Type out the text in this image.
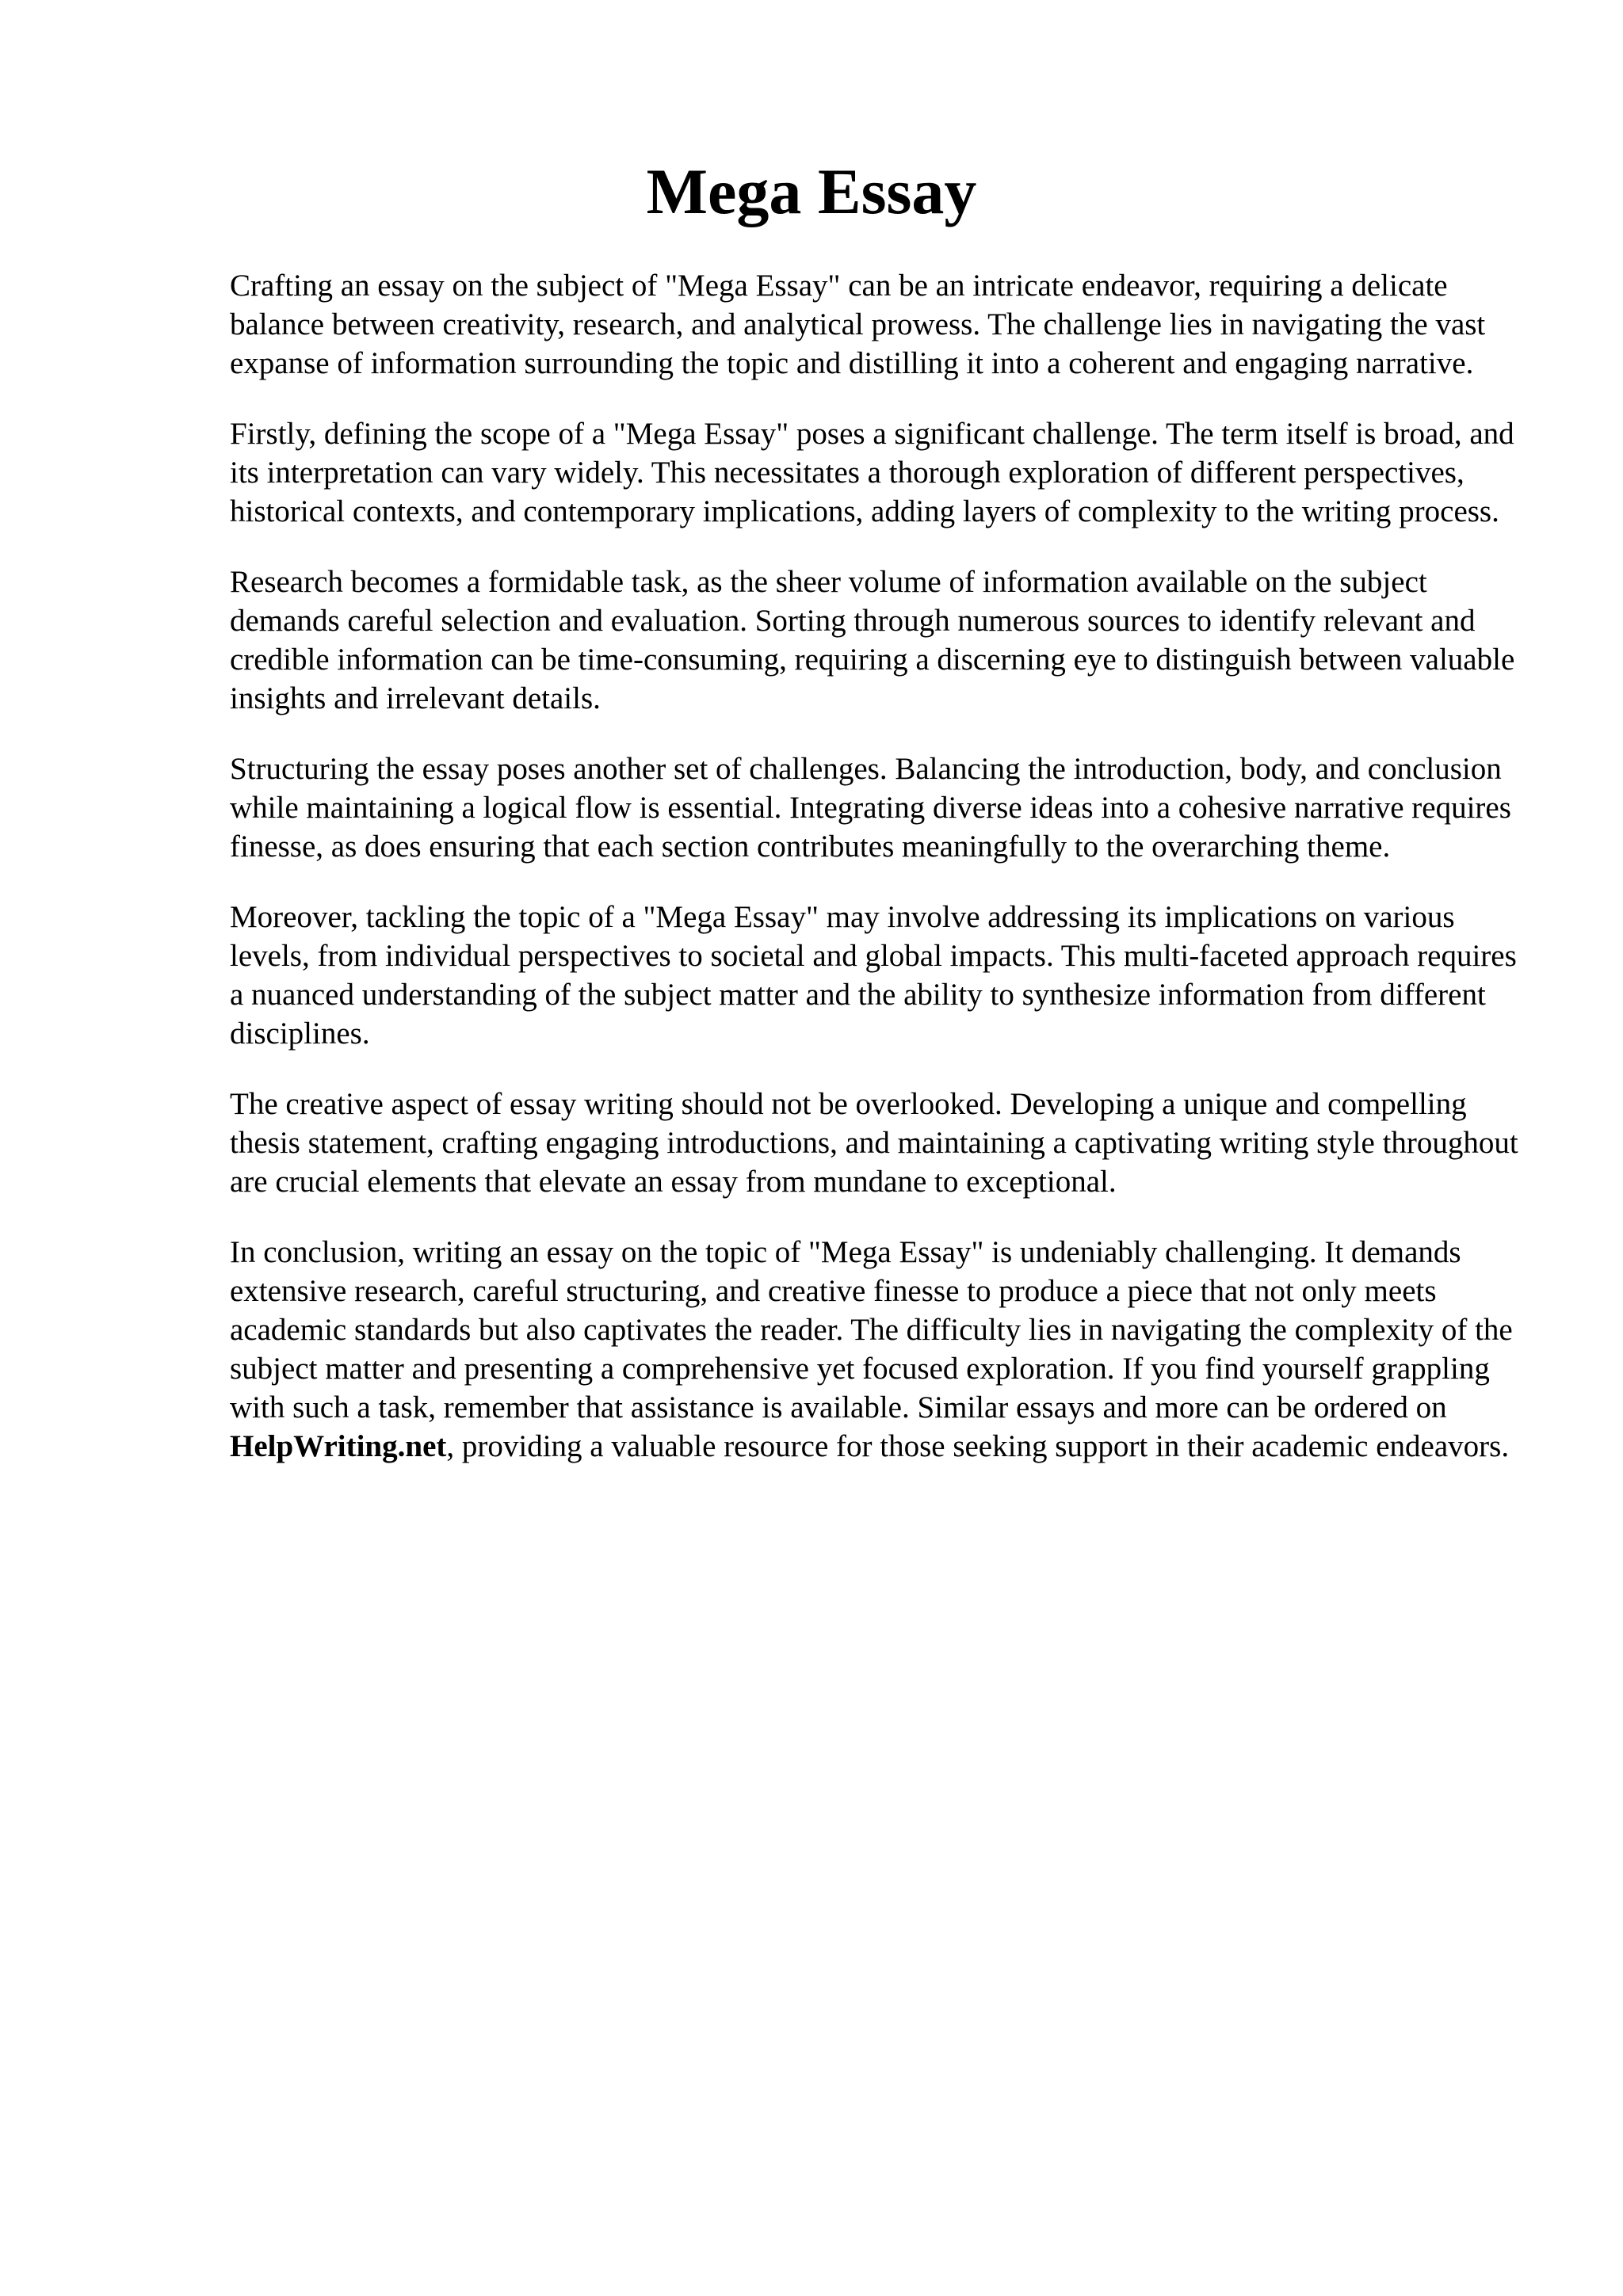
Mega Essay

Crafting an essay on the subject of "Mega Essay" can be an intricate endeavor, requiring a delicate balance between creativity, research, and analytical prowess. The challenge lies in navigating the vast expanse of information surrounding the topic and distilling it into a coherent and engaging narrative.

Firstly, defining the scope of a "Mega Essay" poses a significant challenge. The term itself is broad, and its interpretation can vary widely. This necessitates a thorough exploration of different perspectives, historical contexts, and contemporary implications, adding layers of complexity to the writing process.

Research becomes a formidable task, as the sheer volume of information available on the subject demands careful selection and evaluation. Sorting through numerous sources to identify relevant and credible information can be time-consuming, requiring a discerning eye to distinguish between valuable insights and irrelevant details.

Structuring the essay poses another set of challenges. Balancing the introduction, body, and conclusion while maintaining a logical flow is essential. Integrating diverse ideas into a cohesive narrative requires finesse, as does ensuring that each section contributes meaningfully to the overarching theme.

Moreover, tackling the topic of a "Mega Essay" may involve addressing its implications on various levels, from individual perspectives to societal and global impacts. This multi-faceted approach requires a nuanced understanding of the subject matter and the ability to synthesize information from different disciplines.

The creative aspect of essay writing should not be overlooked. Developing a unique and compelling thesis statement, crafting engaging introductions, and maintaining a captivating writing style throughout are crucial elements that elevate an essay from mundane to exceptional.

In conclusion, writing an essay on the topic of "Mega Essay" is undeniably challenging. It demands extensive research, careful structuring, and creative finesse to produce a piece that not only meets academic standards but also captivates the reader. The difficulty lies in navigating the complexity of the subject matter and presenting a comprehensive yet focused exploration. If you find yourself grappling with such a task, remember that assistance is available. Similar essays and more can be ordered on HelpWriting.net, providing a valuable resource for those seeking support in their academic endeavors.
